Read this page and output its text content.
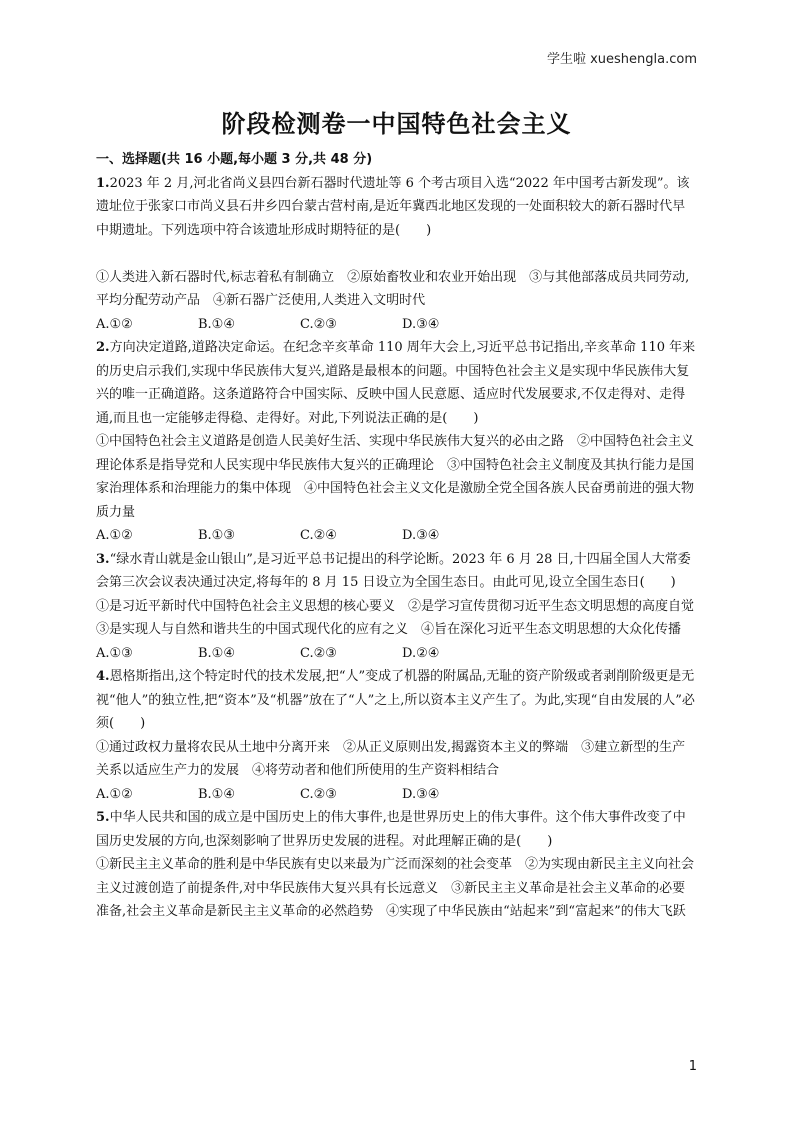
学生啦 xueshengla.com
阶段检测卷一中国特色社会主义
一、选择题(共 16 小题,每小题 3 分,共 48 分)

1.2023 年 2 月,河北省尚义县四台新石器时代遗址等 6 个考古项目入选“2022 年中国考古新发现”。该遗址位于张家口市尚义县石井乡四台蒙古营村南,是近年冀西北地区发现的一处面积较大的新石器时代早中期遗址。下列选项中符合该遗址形成时期特征的是(　　)

①人类进入新石器时代,标志着私有制确立　②原始畜牧业和农业开始出现　③与其他部落成员共同劳动,平均分配劳动产品　④新石器广泛使用,人类进入文明时代

A.①②	B.①④	C.②③	D.③④

2.方向决定道路,道路决定命运。在纪念辛亥革命 110 周年大会上,习近平总书记指出,辛亥革命 110 年来的历史启示我们,实现中华民族伟大复兴,道路是最根本的问题。中国特色社会主义是实现中华民族伟大复兴的唯一正确道路。这条道路符合中国实际、反映中国人民意愿、适应时代发展要求,不仅走得对、走得通,而且也一定能够走得稳、走得好。对此,下列说法正确的是(　　)

①中国特色社会主义道路是创造人民美好生活、实现中华民族伟大复兴的必由之路　②中国特色社会主义理论体系是指导党和人民实现中华民族伟大复兴的正确理论　③中国特色社会主义制度及其执行能力是国家治理体系和治理能力的集中体现　④中国特色社会主义文化是激励全党全国各族人民奋勇前进的强大物质力量

A.①②	B.①③	C.②④	D.③④

3.“绿水青山就是金山银山”,是习近平总书记提出的科学论断。2023 年 6 月 28 日,十四届全国人大常委会第三次会议表决通过决定,将每年的 8 月 15 日设立为全国生态日。由此可见,设立全国生态日(　　)

①是习近平新时代中国特色社会主义思想的核心要义　②是学习宣传贯彻习近平生态文明思想的高度自觉　③是实现人与自然和谐共生的中国式现代化的应有之义　④旨在深化习近平生态文明思想的大众化传播

A.①③	B.①④	C.②③	D.②④

4.恩格斯指出,这个特定时代的技术发展,把“人”变成了机器的附属品,无耻的资产阶级或者剥削阶级更是无视“他人”的独立性,把“资本”及“机器”放在了“人”之上,所以资本主义产生了。为此,实现“自由发展的人”必须(　　)

①通过政权力量将农民从土地中分离开来　②从正义原则出发,揭露资本主义的弊端　③建立新型的生产关系以适应生产力的发展　④将劳动者和他们所使用的生产资料相结合

A.①②	B.①④	C.②③	D.③④

5.中华人民共和国的成立是中国历史上的伟大事件,也是世界历史上的伟大事件。这个伟大事件改变了中国历史发展的方向,也深刻影响了世界历史发展的进程。对此理解正确的是(　　)

①新民主主义革命的胜利是中华民族有史以来最为广泛而深刻的社会变革　②为实现由新民主主义向社会主义过渡创造了前提条件,对中华民族伟大复兴具有长远意义　③新民主主义革命是社会主义革命的必要准备,社会主义革命是新民主主义革命的必然趋势　④实现了中华民族由“站起来”到“富起来”的伟大飞跃

1
